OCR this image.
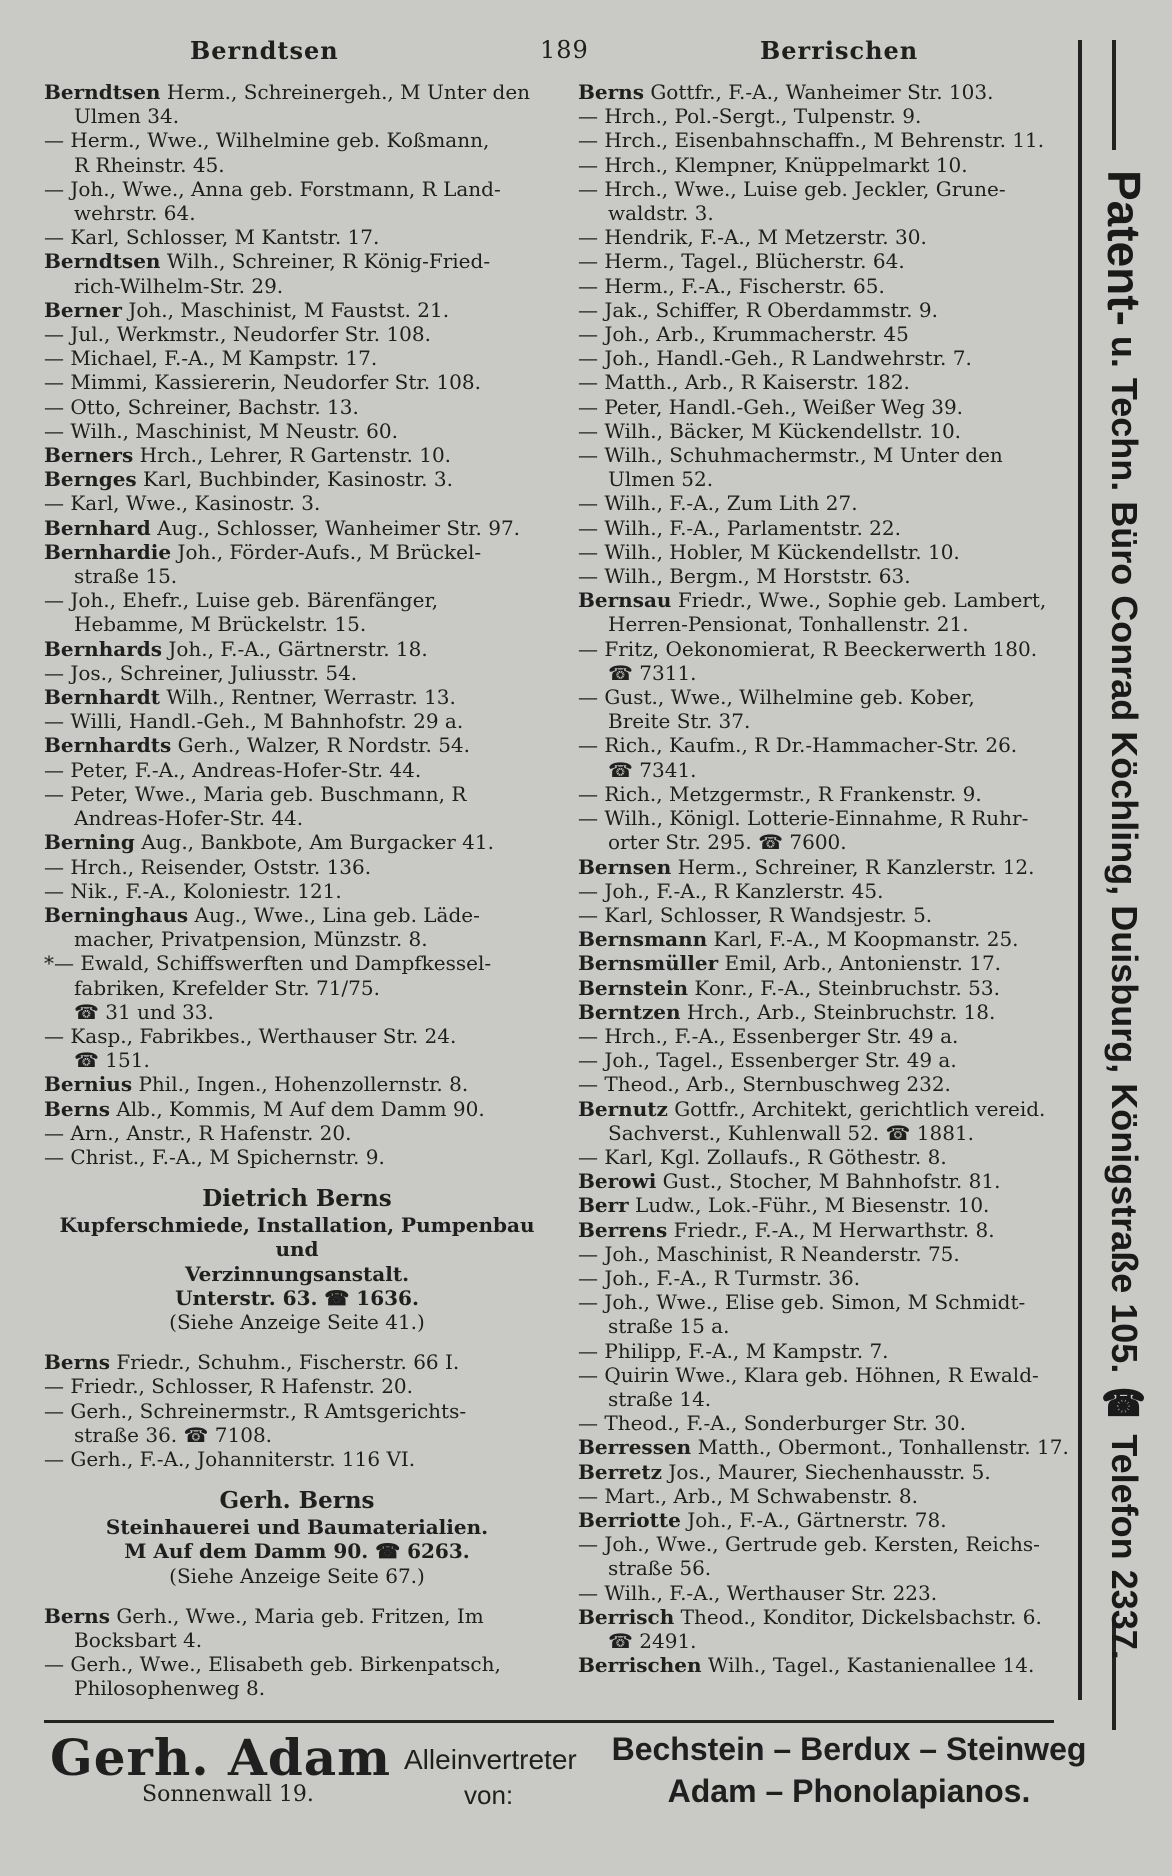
Berndtsen	189	Berrischen
Berndtsen Herm., Schreinergeh., M Unter den
Ulmen 34.
— Herm., Wwe., Wilhelmine geb. Koßmann,
R Rheinstr. 45.
— Joh., Wwe., Anna geb. Forstmann, R Land-
wehrstr. 64.
— Karl, Schlosser, M Kantstr. 17.
Berndtsen Wilh., Schreiner, R König-Fried-
rich-Wilhelm-Str. 29.
Berner Joh., Maschinist, M Faustst. 21.
— Jul., Werkmstr., Neudorfer Str. 108.
— Michael, F.-A., M Kampstr. 17.
— Mimmi, Kassiererin, Neudorfer Str. 108.
— Otto, Schreiner, Bachstr. 13.
— Wilh., Maschinist, M Neustr. 60.
Berners Hrch., Lehrer, R Gartenstr. 10.
Bernges Karl, Buchbinder, Kasinostr. 3.
— Karl, Wwe., Kasinostr. 3.
Bernhard Aug., Schlosser, Wanheimer Str. 97.
Bernhardie Joh., Förder-Aufs., M Brückel-
straße 15.
— Joh., Ehefr., Luise geb. Bärenfänger,
Hebamme, M Brückelstr. 15.
Bernhards Joh., F.-A., Gärtnerstr. 18.
— Jos., Schreiner, Juliusstr. 54.
Bernhardt Wilh., Rentner, Werrastr. 13.
— Willi, Handl.-Geh., M Bahnhofstr. 29 a.
Bernhardts Gerh., Walzer, R Nordstr. 54.
— Peter, F.-A., Andreas-Hofer-Str. 44.
— Peter, Wwe., Maria geb. Buschmann, R
Andreas-Hofer-Str. 44.
Berning Aug., Bankbote, Am Burgacker 41.
— Hrch., Reisender, Oststr. 136.
— Nik., F.-A., Koloniestr. 121.
Berninghaus Aug., Wwe., Lina geb. Läde-
macher, Privatpension, Münzstr. 8.
*— Ewald, Schiffswerften und Dampfkessel-
fabriken, Krefelder Str. 71/75.
☎ 31 und 33.
— Kasp., Fabrikbes., Werthauser Str. 24.
☎ 151.
Bernius Phil., Ingen., Hohenzollernstr. 8.
Berns Alb., Kommis, M Auf dem Damm 90.
— Arn., Anstr., R Hafenstr. 20.
— Christ., F.-A., M Spichernstr. 9.
Dietrich Berns
Kupferschmiede, Installation, Pumpenbau und
Verzinnungsanstalt.
Unterstr. 63. ☎ 1636.
(Siehe Anzeige Seite 41.)
Berns Friedr., Schuhm., Fischerstr. 66 I.
— Friedr., Schlosser, R Hafenstr. 20.
— Gerh., Schreinermstr., R Amtsgerichts-
straße 36. ☎ 7108.
— Gerh., F.-A., Johanniterstr. 116 VI.
Gerh. Berns
Steinhauerei und Baumaterialien.
M Auf dem Damm 90. ☎ 6263.
(Siehe Anzeige Seite 67.)
Berns Gerh., Wwe., Maria geb. Fritzen, Im
Bocksbart 4.
— Gerh., Wwe., Elisabeth geb. Birkenpatsch,
Philosophenweg 8.
Berns Gottfr., F.-A., Wanheimer Str. 103.
— Hrch., Pol.-Sergt., Tulpenstr. 9.
— Hrch., Eisenbahnschaffn., M Behrenstr. 11.
— Hrch., Klempner, Knüppelmarkt 10.
— Hrch., Wwe., Luise geb. Jeckler, Grune-
waldstr. 3.
— Hendrik, F.-A., M Metzerstr. 30.
— Herm., Tagel., Blücherstr. 64.
— Herm., F.-A., Fischerstr. 65.
— Jak., Schiffer, R Oberdammstr. 9.
— Joh., Arb., Krummacherstr. 45
— Joh., Handl.-Geh., R Landwehrstr. 7.
— Matth., Arb., R Kaiserstr. 182.
— Peter, Handl.-Geh., Weißer Weg 39.
— Wilh., Bäcker, M Kückendellstr. 10.
— Wilh., Schuhmachermstr., M Unter den
Ulmen 52.
— Wilh., F.-A., Zum Lith 27.
— Wilh., F.-A., Parlamentstr. 22.
— Wilh., Hobler, M Kückendellstr. 10.
— Wilh., Bergm., M Horststr. 63.
Bernsau Friedr., Wwe., Sophie geb. Lambert,
Herren-Pensionat, Tonhallenstr. 21.
— Fritz, Oekonomierat, R Beeckerwerth 180.
☎ 7311.
— Gust., Wwe., Wilhelmine geb. Kober,
Breite Str. 37.
— Rich., Kaufm., R Dr.-Hammacher-Str. 26.
☎ 7341.
— Rich., Metzgermstr., R Frankenstr. 9.
— Wilh., Königl. Lotterie-Einnahme, R Ruhr-
orter Str. 295. ☎ 7600.
Bernsen Herm., Schreiner, R Kanzlerstr. 12.
— Joh., F.-A., R Kanzlerstr. 45.
— Karl, Schlosser, R Wandsjestr. 5.
Bernsmann Karl, F.-A., M Koopmanstr. 25.
Bernsmüller Emil, Arb., Antonienstr. 17.
Bernstein Konr., F.-A., Steinbruchstr. 53.
Berntzen Hrch., Arb., Steinbruchstr. 18.
— Hrch., F.-A., Essenberger Str. 49 a.
— Joh., Tagel., Essenberger Str. 49 a.
— Theod., Arb., Sternbuschweg 232.
Bernutz Gottfr., Architekt, gerichtlich vereid.
Sachverst., Kuhlenwall 52. ☎ 1881.
— Karl, Kgl. Zollaufs., R Göthestr. 8.
Berowi Gust., Stocher, M Bahnhofstr. 81.
Berr Ludw., Lok.-Führ., M Biesenstr. 10.
Berrens Friedr., F.-A., M Herwarthstr. 8.
— Joh., Maschinist, R Neanderstr. 75.
— Joh., F.-A., R Turmstr. 36.
— Joh., Wwe., Elise geb. Simon, M Schmidt-
straße 15 a.
— Philipp, F.-A., M Kampstr. 7.
— Quirin Wwe., Klara geb. Höhnen, R Ewald-
straße 14.
— Theod., F.-A., Sonderburger Str. 30.
Berressen Matth., Obermont., Tonhallenstr. 17.
Berretz Jos., Maurer, Siechenhausstr. 5.
— Mart., Arb., M Schwabenstr. 8.
Berriotte Joh., F.-A., Gärtnerstr. 78.
— Joh., Wwe., Gertrude geb. Kersten, Reichs-
straße 56.
— Wilh., F.-A., Werthauser Str. 223.
Berrisch Theod., Konditor, Dickelsbachstr. 6.
☎ 2491.
Berrischen Wilh., Tagel., Kastanienallee 14.
Patent- u. Techn. Büro Conrad Köchling, Duisburg, Königstraße 105. ☎ Telefon 2337.
Gerh. Adam
Sonnenwall 19.
Alleinvertreter
von:
Bechstein – Berdux – Steinweg
Adam – Phonolapianos.
